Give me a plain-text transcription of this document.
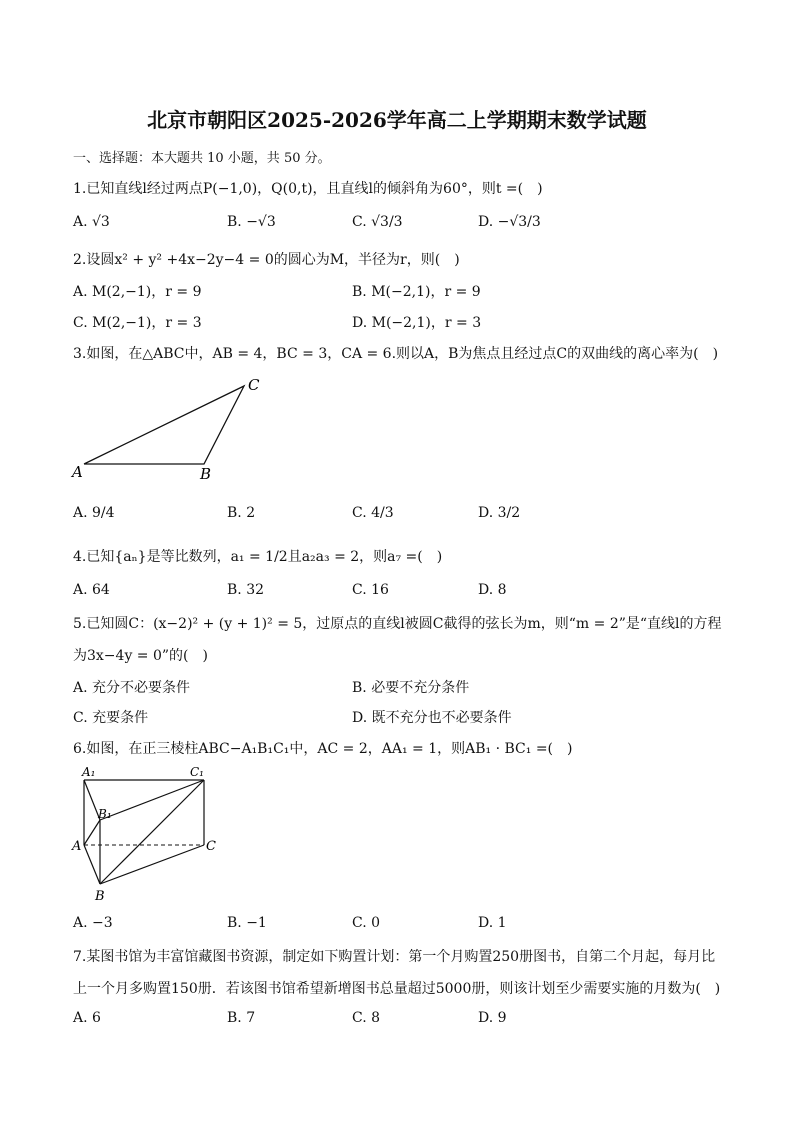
北京市朝阳区2025-2026学年高二上学期期末数学试题
一、选择题：本大题共 10 小题，共 50 分。
1.已知直线l经过两点P(−1,0)，Q(0,t)，且直线l的倾斜角为60°，则t =(　)
A. √3	B. −√3	C. √3/3	D. −√3/3
2.设圆x² + y² +4x−2y−4 = 0的圆心为M，半径为r，则(　)
A. M(2,−1)，r = 9	B. M(−2,1)，r = 9
C. M(2,−1)，r = 3	D. M(−2,1)，r = 3
3.如图，在△ABC中，AB = 4，BC = 3，CA = 6.则以A，B为焦点且经过点C的双曲线的离心率为(　)
A	B
C
A. 9/4	B. 2	C. 4/3	D. 3/2
4.已知{aₙ}是等比数列，a₁ = 1/2且a₂a₃ = 2，则a₇ =(　)
A. 64	B. 32	C. 16	D. 8
5.已知圆C：(x−2)² + (y + 1)² = 5，过原点的直线l被圆C截得的弦长为m，则“m = 2”是“直线l的方程
为3x−4y = 0”的(　)
A. 充分不必要条件	B. 必要不充分条件
C. 充要条件	D. 既不充分也不必要条件
6.如图，在正三棱柱ABC−A₁B₁C₁中，AC = 2，AA₁ = 1，则AB₁ · BC₁ =(　)
A₁	C₁
B₁
A	C
B
A. −3	B. −1	C. 0	D. 1
7.某图书馆为丰富馆藏图书资源，制定如下购置计划：第一个月购置250册图书，自第二个月起，每月比
上一个月多购置150册．若该图书馆希望新增图书总量超过5000册，则该计划至少需要实施的月数为(　)
A. 6	B. 7	C. 8	D. 9
